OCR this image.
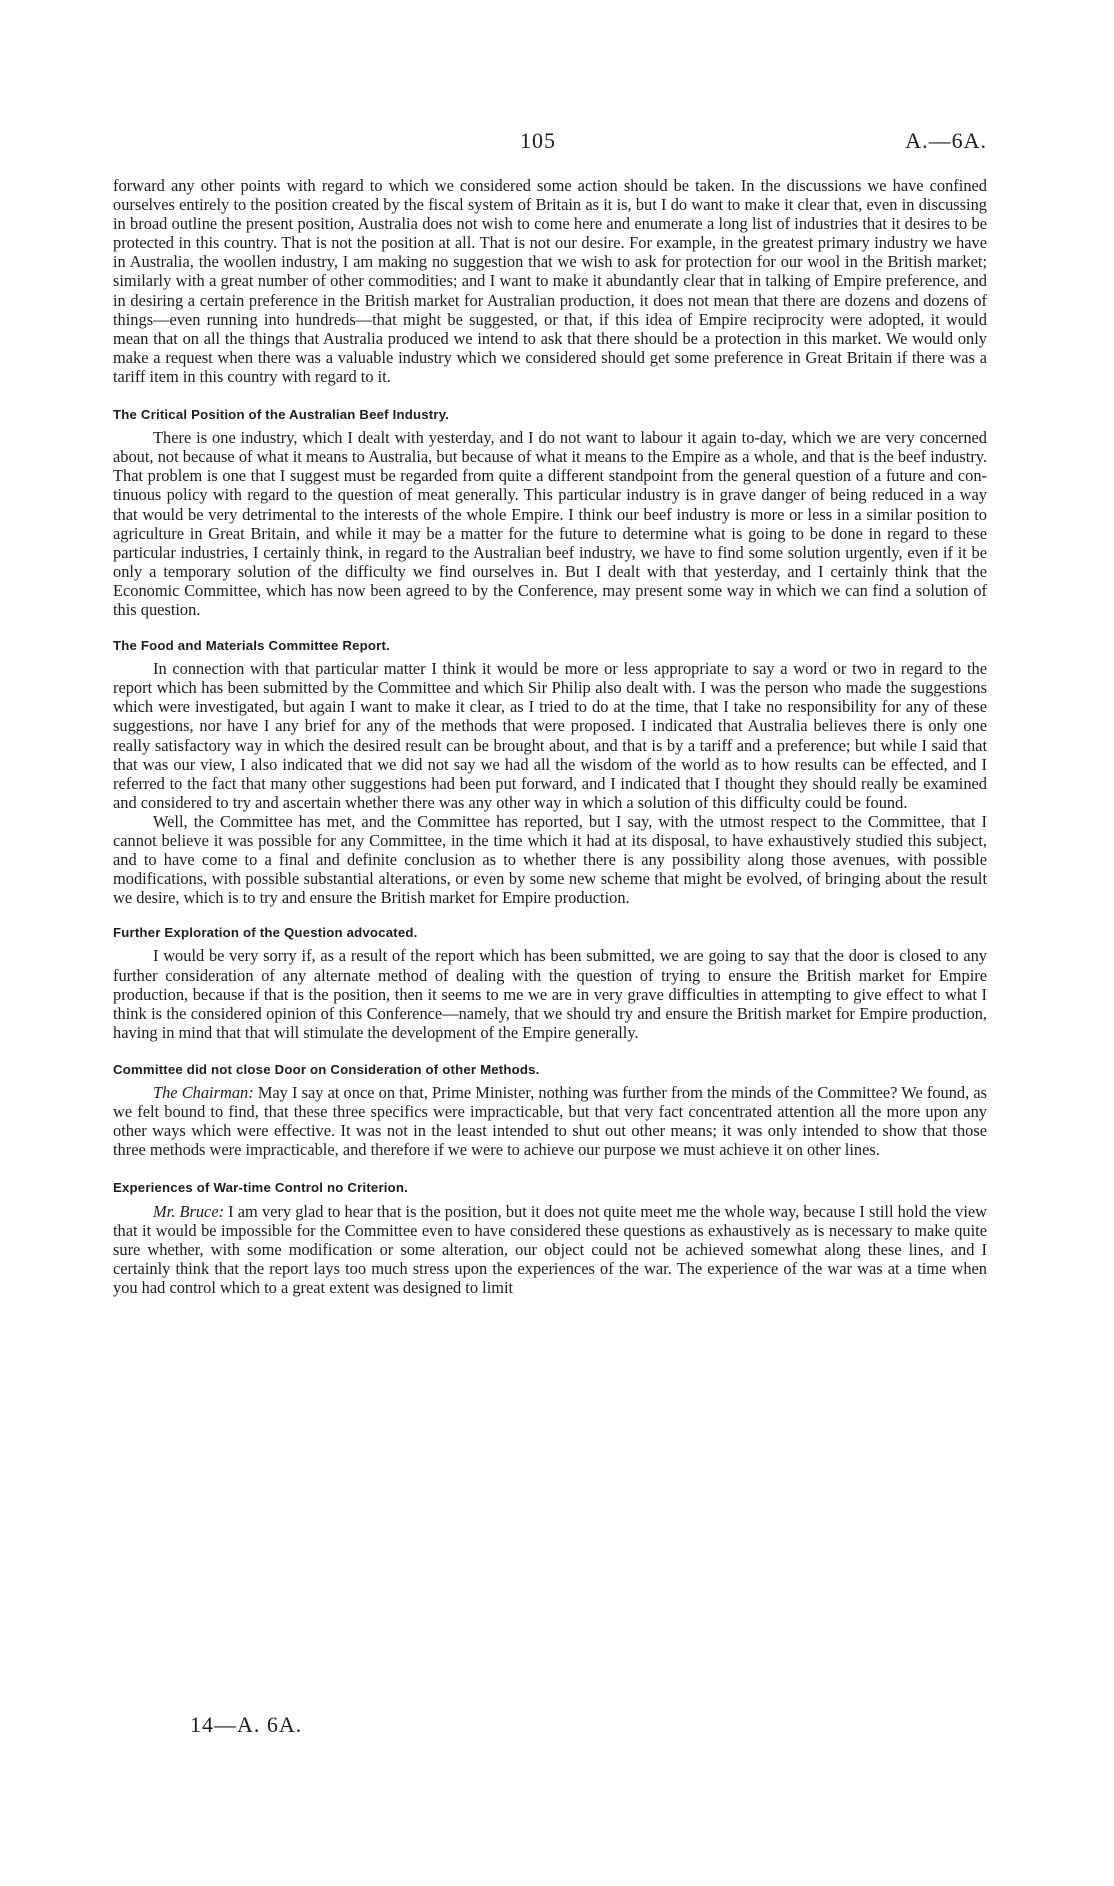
105	A.—6A.

forward any other points with regard to which we considered some action should be taken. In the discussions we have confined ourselves entirely to the position created by the fiscal system of Britain as it is, but I do want to make it clear that, even in discussing in broad outline the present position, Australia does not wish to come here and enumerate a long list of industries that it desires to be protected in this country. That is not the position at all. That is not our desire. For example, in the greatest primary industry we have in Australia, the woollen industry, I am making no suggestion that we wish to ask for protection for our wool in the British market; similarly with a great number of other commodities; and I want to make it abundantly clear that in talking of Empire preference, and in desiring a certain preference in the British market for Australian production, it does not mean that there are dozens and dozens of things—even running into hundreds—that might be suggested, or that, if this idea of Empire reciprocity were adopted, it would mean that on all the things that Australia produced we intend to ask that there should be a protection in this market. We would only make a request when there was a valuable industry which we considered should get some preference in Great Britain if there was a tariff item in this country with regard to it.

The Critical Position of the Australian Beef Industry.

There is one industry, which I dealt with yesterday, and I do not want to labour it again to-day, which we are very concerned about, not because of what it means to Australia, but because of what it means to the Empire as a whole, and that is the beef industry. That problem is one that I suggest must be regarded from quite a different standpoint from the general question of a future and continuous policy with regard to the question of meat generally. This particular industry is in grave danger of being reduced in a way that would be very detrimental to the interests of the whole Empire. I think our beef industry is more or less in a similar position to agriculture in Great Britain, and while it may be a matter for the future to determine what is going to be done in regard to these particular industries, I certainly think, in regard to the Australian beef industry, we have to find some solution urgently, even if it be only a temporary solution of the difficulty we find ourselves in. But I dealt with that yesterday, and I certainly think that the Economic Committee, which has now been agreed to by the Conference, may present some way in which we can find a solution of this question.

The Food and Materials Committee Report.

In connection with that particular matter I think it would be more or less appropriate to say a word or two in regard to the report which has been submitted by the Committee and which Sir Philip also dealt with. I was the person who made the suggestions which were investigated, but again I want to make it clear, as I tried to do at the time, that I take no responsibility for any of these suggestions, nor have I any brief for any of the methods that were proposed. I indicated that Australia believes there is only one really satisfactory way in which the desired result can be brought about, and that is by a tariff and a preference; but while I said that that was our view, I also indicated that we did not say we had all the wisdom of the world as to how results can be effected, and I referred to the fact that many other suggestions had been put forward, and I indicated that I thought they should really be examined and considered to try and ascertain whether there was any other way in which a solution of this difficulty could be found.

Well, the Committee has met, and the Committee has reported, but I say, with the utmost respect to the Committee, that I cannot believe it was possible for any Committee, in the time which it had at its disposal, to have exhaustively studied this subject, and to have come to a final and definite conclusion as to whether there is any possibility along those avenues, with possible modifications, with possible substantial alterations, or even by some new scheme that might be evolved, of bringing about the result we desire, which is to try and ensure the British market for Empire production.

Further Exploration of the Question advocated.

I would be very sorry if, as a result of the report which has been submitted, we are going to say that the door is closed to any further consideration of any alternate method of dealing with the question of trying to ensure the British market for Empire production, because if that is the position, then it seems to me we are in very grave difficulties in attempting to give effect to what I think is the considered opinion of this Conference—namely, that we should try and ensure the British market for Empire production, having in mind that that will stimulate the development of the Empire generally.

Committee did not close Door on Consideration of other Methods.

The Chairman: May I say at once on that, Prime Minister, nothing was further from the minds of the Committee? We found, as we felt bound to find, that these three specifics were impracticable, but that very fact concentrated attention all the more upon any other ways which were effective. It was not in the least intended to shut out other means; it was only intended to show that those three methods were impracticable, and therefore if we were to achieve our purpose we must achieve it on other lines.

Experiences of War-time Control no Criterion.

Mr. Bruce: I am very glad to hear that is the position, but it does not quite meet me the whole way, because I still hold the view that it would be impossible for the Committee even to have considered these questions as exhaustively as is necessary to make quite sure whether, with some modification or some alteration, our object could not be achieved somewhat along these lines, and I certainly think that the report lays too much stress upon the experiences of the war. The experience of the war was at a time when you had control which to a great extent was designed to limit

14—A. 6A.
